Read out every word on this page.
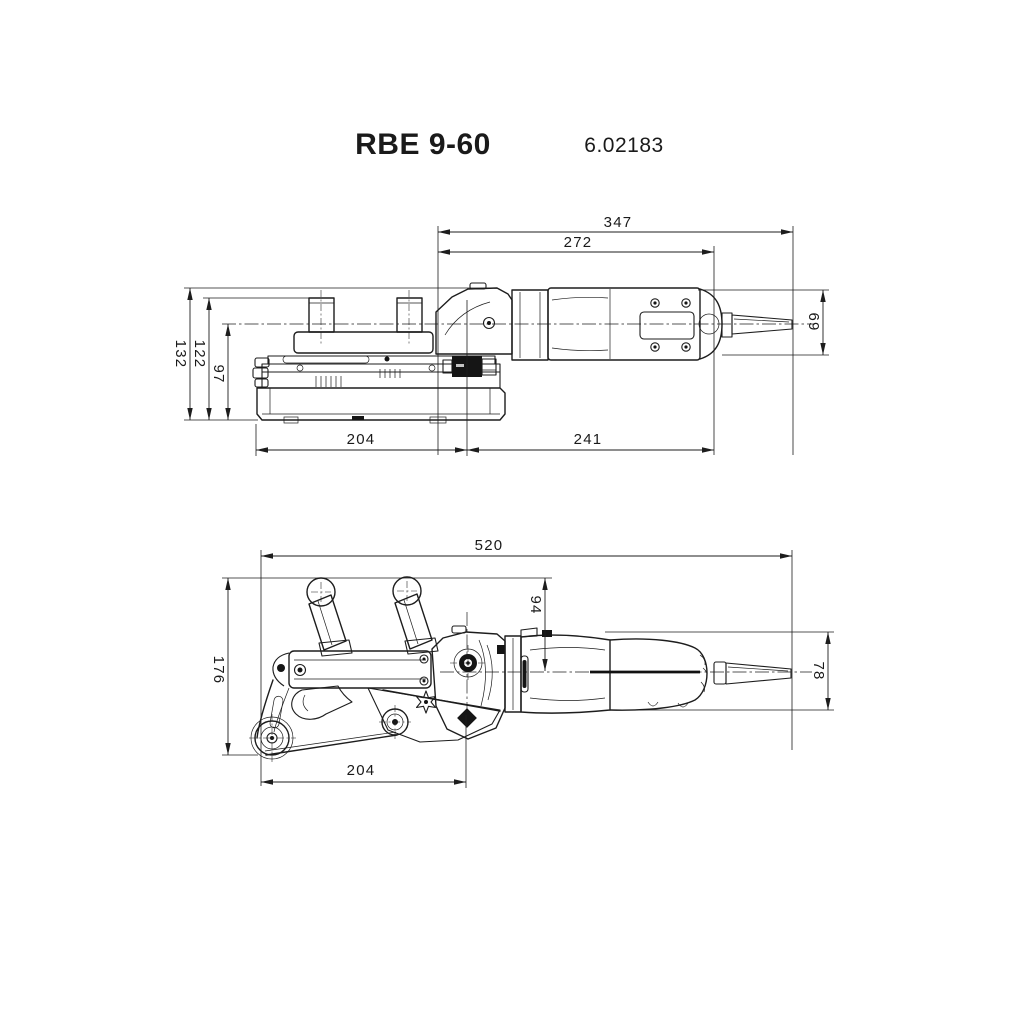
RBE 9-60	6.02183
347
272
132 122
97
204	241
69
520
176
94
78
204
